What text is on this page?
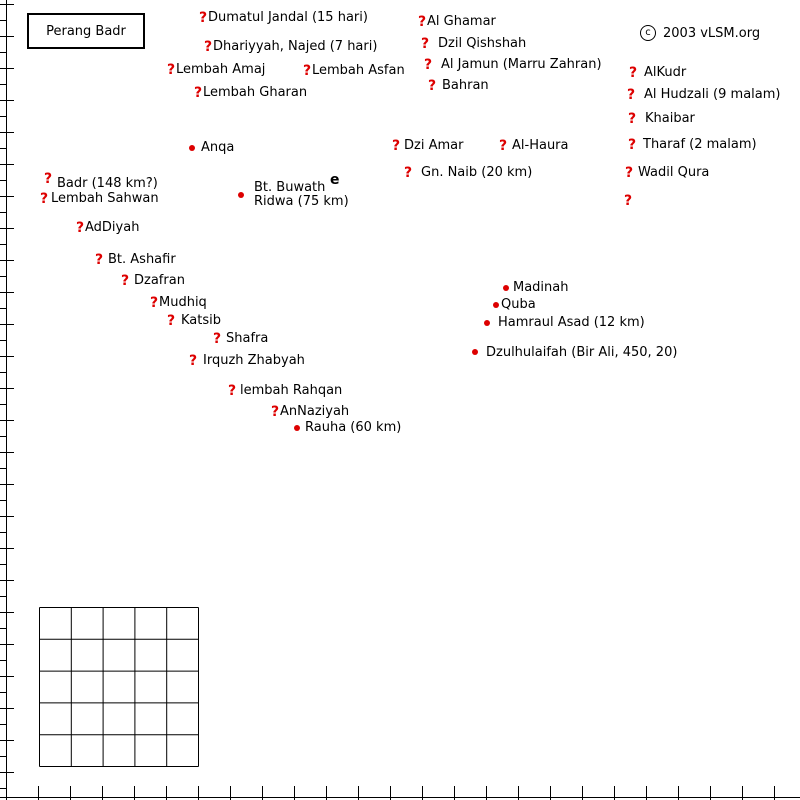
Perang Badr	c 2003 vLSM.org
? Dumatul Jandal (15 hari)
? Dhariyyah, Najed (7 hari)
? Lembah Amaj	? Lembah Asfan
? Lembah Gharan
? Al Ghamar
? Dzil Qishshah
? Al Jamun (Marru Zahran)
? Bahran
? AlKudr
? Al Hudzali (9 malam)
? Khaibar
? Tharaf (2 malam)
? Wadil Qura
?
Anqa	? Dzi Amar	? Al-Haura
? Gn. Naib (20 km)
? Badr (148 km?)
? Lembah Sahwan
Bt. Buwath e
Ridwa (75 km)
? AdDiyah
? Bt. Ashafir
? Dzafran
? Mudhiq
? Katsib
? Shafra
? Irquzh Zhabyah
? lembah Rahqan
? AnNaziyah
Rauha (60 km)
Madinah
Quba
Hamraul Asad (12 km)
Dzulhulaifah (Bir Ali, 450, 20)
